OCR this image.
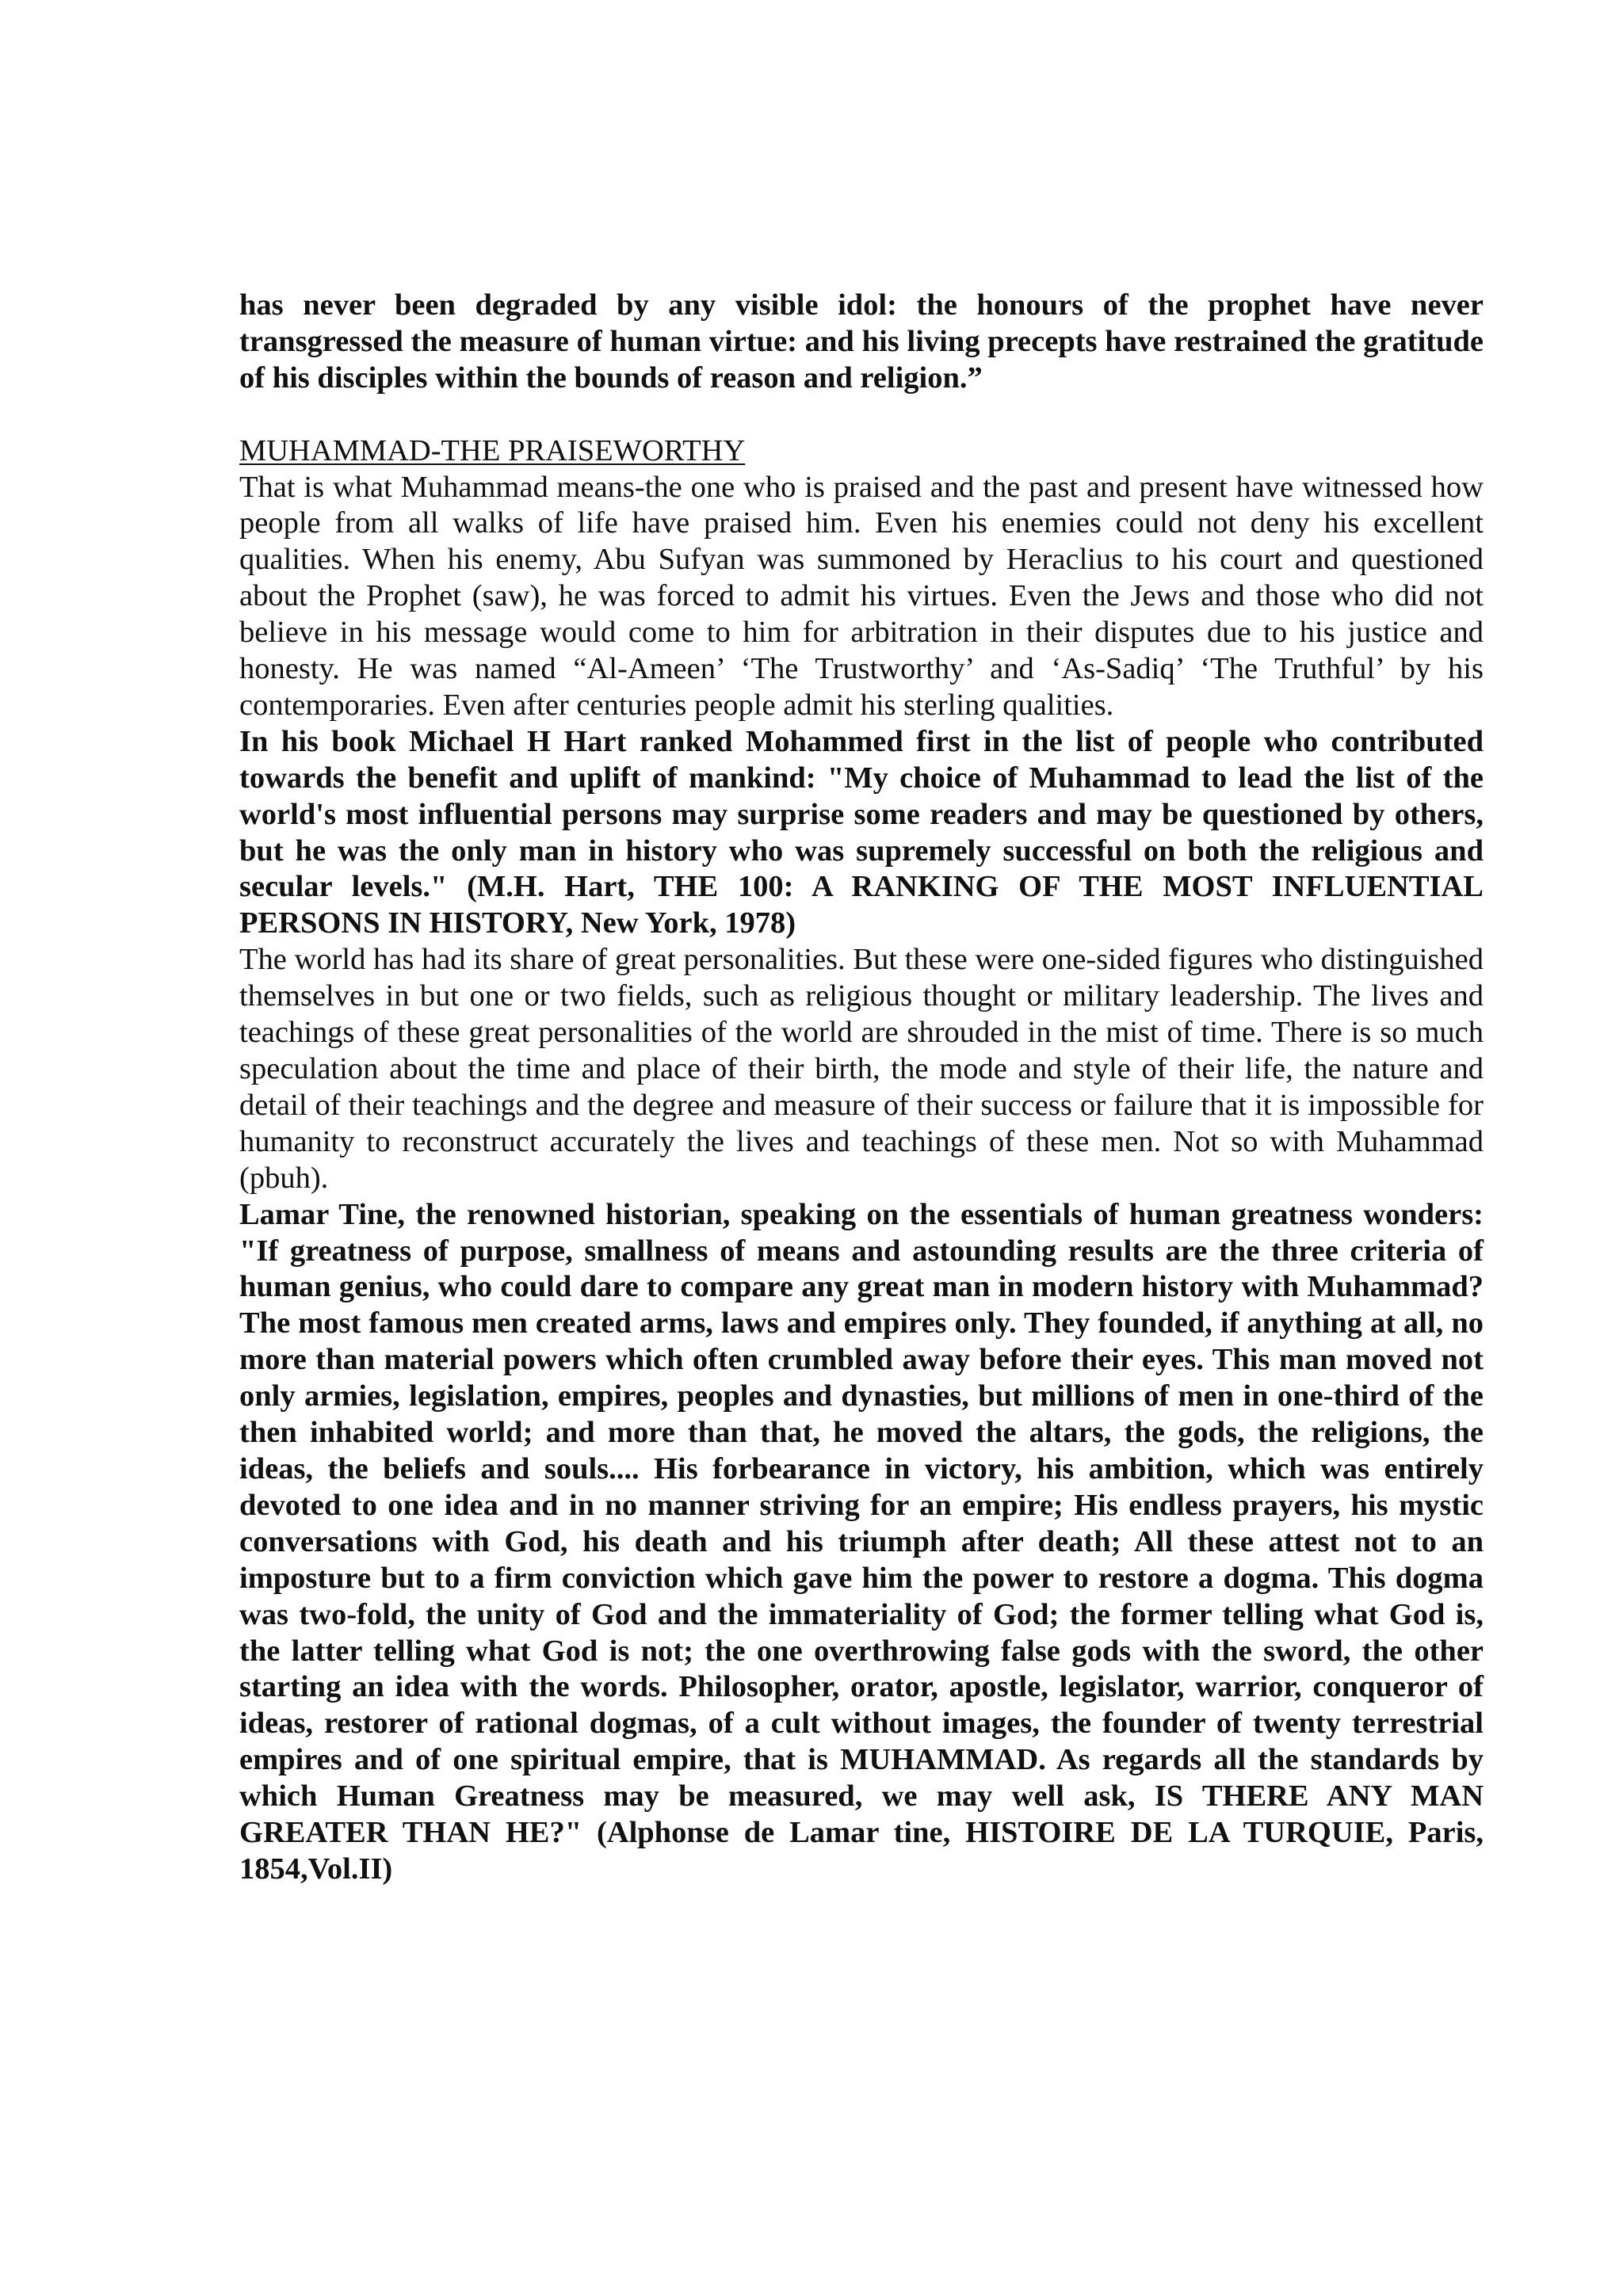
has never been degraded by any visible idol: the honours of the prophet have never transgressed the measure of human virtue: and his living precepts have restrained the gratitude of his disciples within the bounds of reason and religion.”

MUHAMMAD-THE PRAISEWORTHY

That is what Muhammad means-the one who is praised and the past and present have witnessed how people from all walks of life have praised him. Even his enemies could not deny his excellent qualities. When his enemy, Abu Sufyan was summoned by Heraclius to his court and questioned about the Prophet (saw), he was forced to admit his virtues. Even the Jews and those who did not believe in his message would come to him for arbitration in their disputes due to his justice and honesty. He was named “Al-Ameen’ ‘The Trustworthy’ and ‘As-Sadiq’ ‘The Truthful’ by his contemporaries. Even after centuries people admit his sterling qualities.

In his book Michael H Hart ranked Mohammed first in the list of people who contributed towards the benefit and uplift of mankind: "My choice of Muhammad to lead the list of the world's most influential persons may surprise some readers and may be questioned by others, but he was the only man in history who was supremely successful on both the religious and secular levels." (M.H. Hart, THE 100: A RANKING OF THE MOST INFLUENTIAL PERSONS IN HISTORY, New York, 1978)

The world has had its share of great personalities. But these were one-sided figures who distinguished themselves in but one or two fields, such as religious thought or military leadership. The lives and teachings of these great personalities of the world are shrouded in the mist of time. There is so much speculation about the time and place of their birth, the mode and style of their life, the nature and detail of their teachings and the degree and measure of their success or failure that it is impossible for humanity to reconstruct accurately the lives and teachings of these men. Not so with Muhammad (pbuh).

Lamar Tine, the renowned historian, speaking on the essentials of human greatness wonders: "If greatness of purpose, smallness of means and astounding results are the three criteria of human genius, who could dare to compare any great man in modern history with Muhammad? The most famous men created arms, laws and empires only. They founded, if anything at all, no more than material powers which often crumbled away before their eyes. This man moved not only armies, legislation, empires, peoples and dynasties, but millions of men in one-third of the then inhabited world; and more than that, he moved the altars, the gods, the religions, the ideas, the beliefs and souls.... His forbearance in victory, his ambition, which was entirely devoted to one idea and in no manner striving for an empire; His endless prayers, his mystic conversations with God, his death and his triumph after death; All these attest not to an imposture but to a firm conviction which gave him the power to restore a dogma. This dogma was two-fold, the unity of God and the immateriality of God; the former telling what God is, the latter telling what God is not; the one overthrowing false gods with the sword, the other starting an idea with the words. Philosopher, orator, apostle, legislator, warrior, conqueror of ideas, restorer of rational dogmas, of a cult without images, the founder of twenty terrestrial empires and of one spiritual empire, that is MUHAMMAD. As regards all the standards by which Human Greatness may be measured, we may well ask, IS THERE ANY MAN GREATER THAN HE?" (Alphonse de Lamar tine, HISTOIRE DE LA TURQUIE, Paris, 1854,Vol.II)
